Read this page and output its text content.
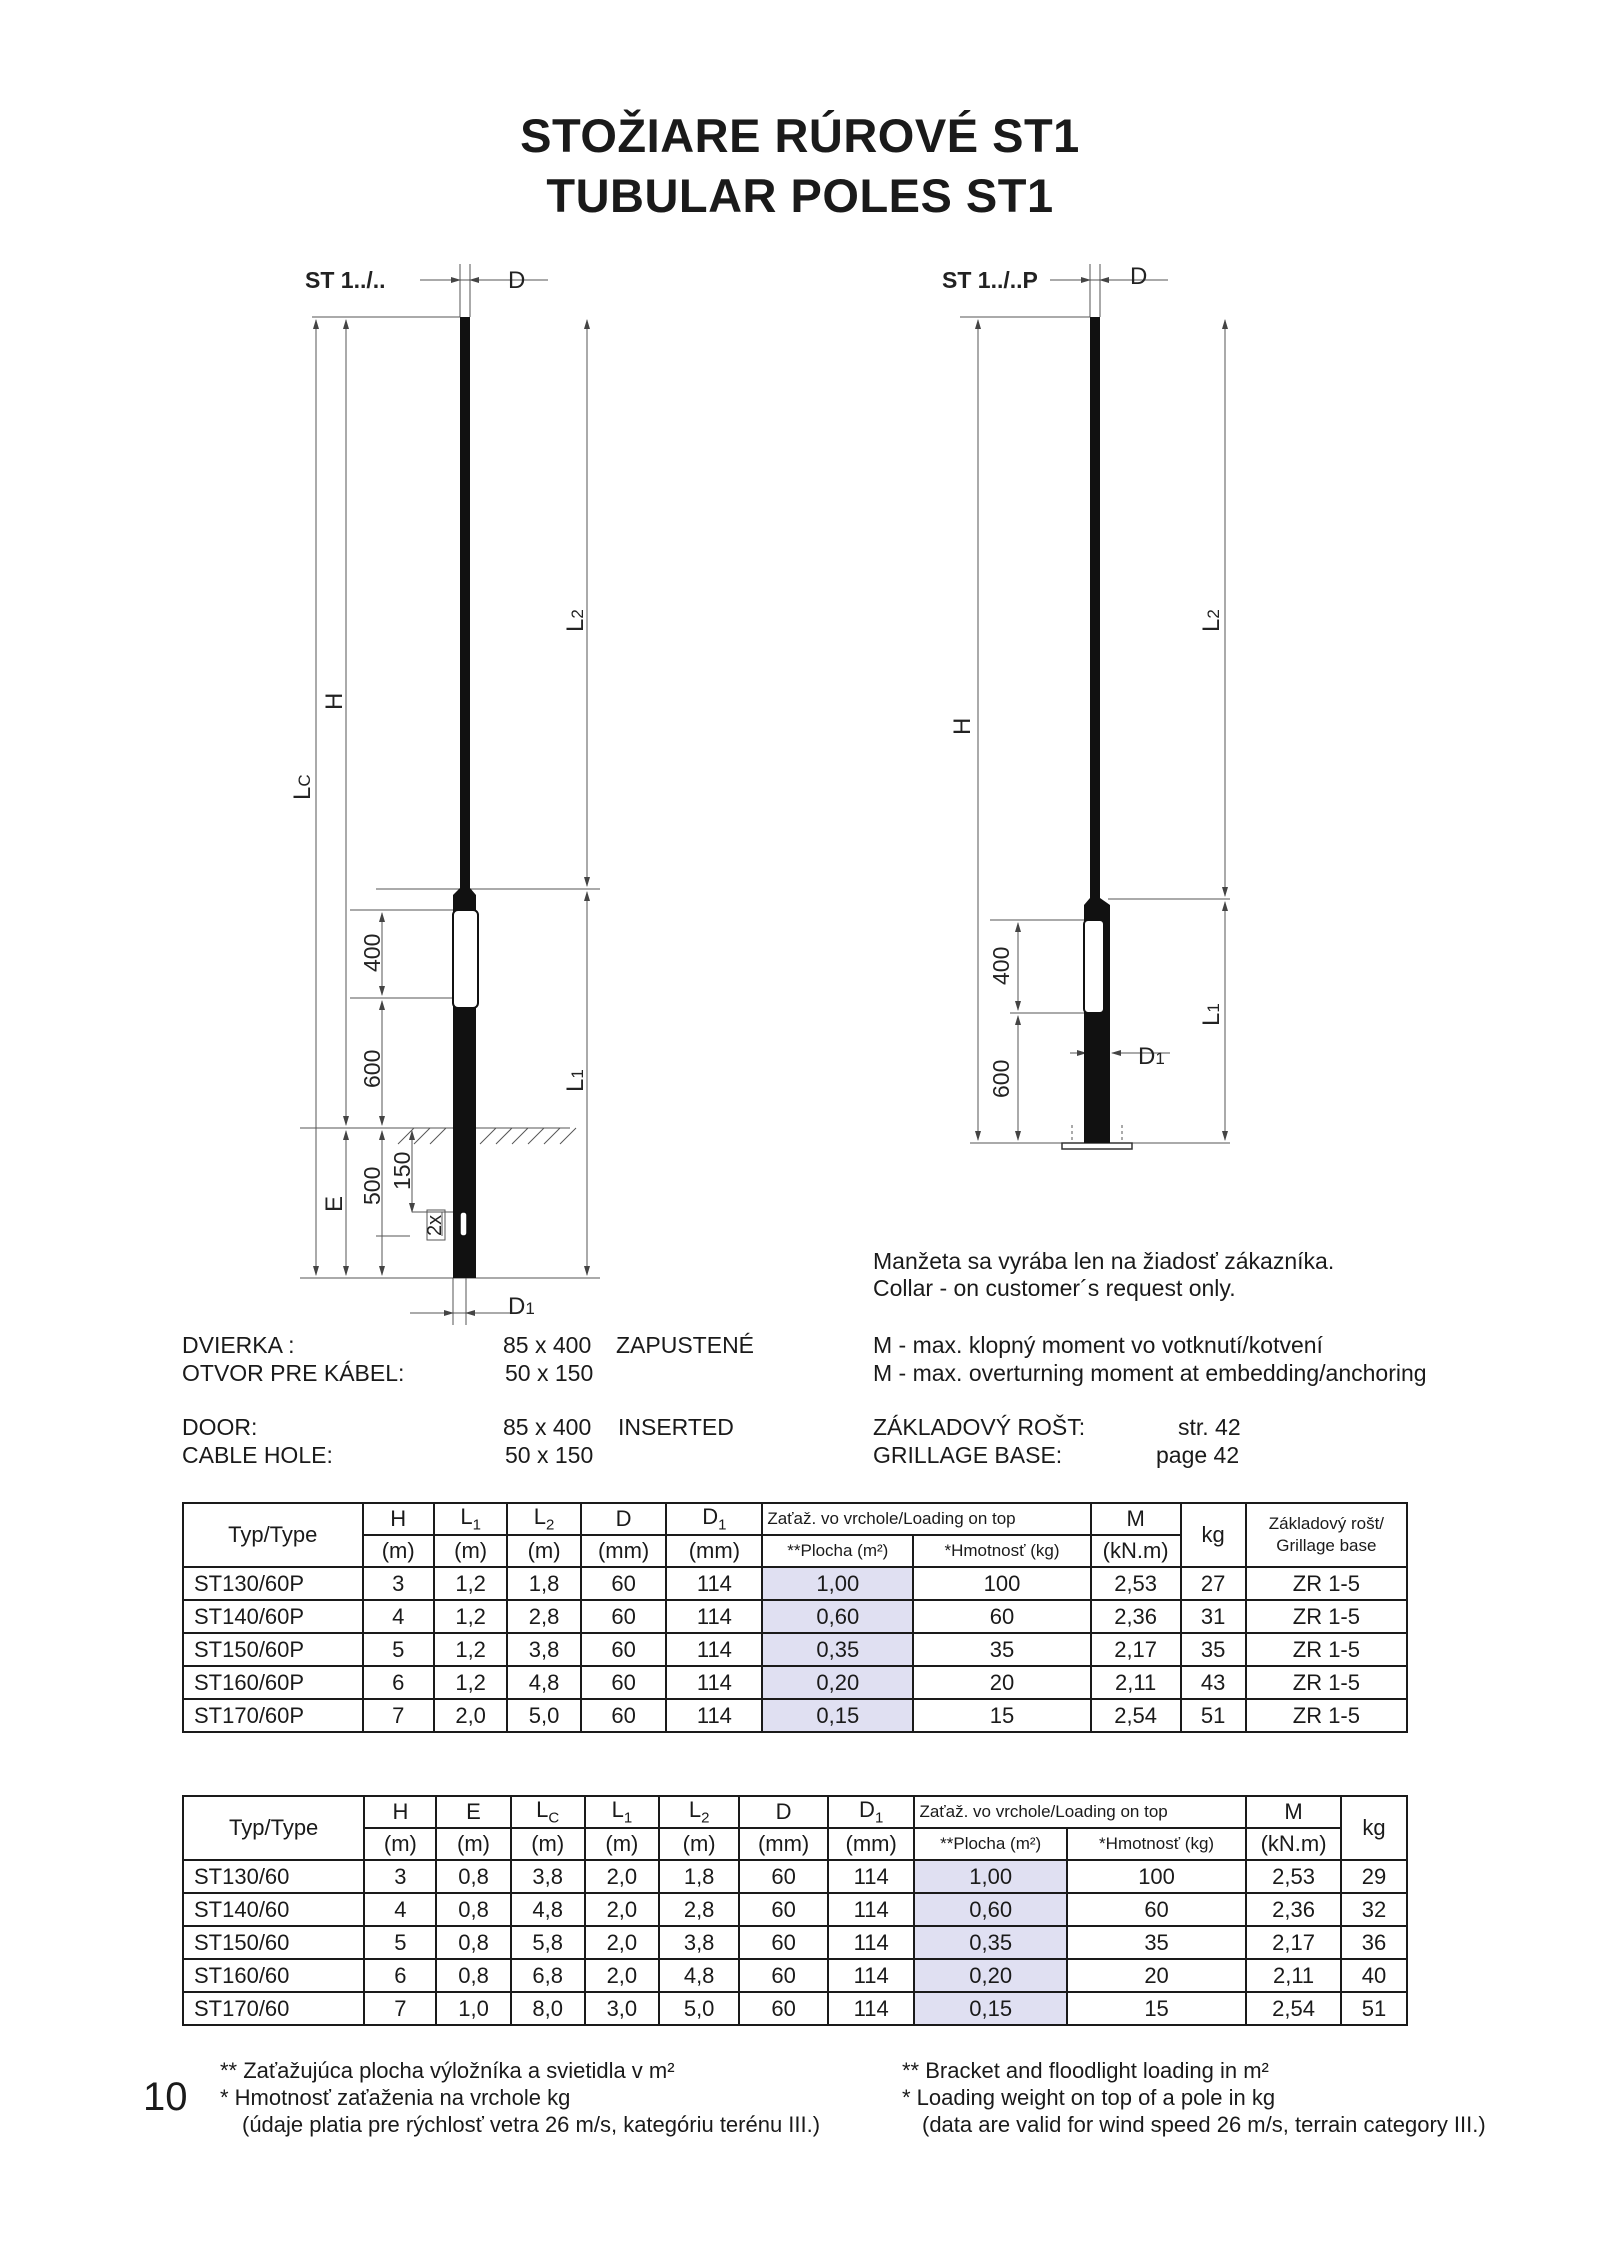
STOŽIARE RÚROVÉ ST1
TUBULAR POLES ST1
ST 1../..	D
D1
LC
H
E
400
600
500 150
2x
L2
L1
ST 1../..P	D
D1
H
400
600
L2
L1
Manžeta sa vyrába len na žiadosť zákazníka.
Collar - on customer´s request only.
DVIERKA :	85 x 400 ZAPUSTENÉ
OTVOR PRE KÁBEL:	50 x 150
M - max. klopný moment vo votknutí/kotvení
M - max. overturning moment at embedding/anchoring
DOOR:	85 x 400 INSERTED
CABLE HOLE:	50 x 150
ZÁKLADOVÝ ROŠT:	str. 42
GRILLAGE BASE:	page 42
Typ/Type	H	$L_1$	$L_2$	D	$D_1$	Zaťaž. vo vrchole/Loading on top		M	kg	Základový rošt/
Grillage base
	(m)	(m)	(m)	(mm)	(mm)	**Plocha (m²)	*Hmotnosť (kg)	(kN.m)		
ST130/60P	3	1,2	1,8	60	114	1,00	100	2,53	27	ZR 1-5
ST140/60P	4	1,2	2,8	60	114	0,60	60	2,36	31	ZR 1-5
ST150/60P	5	1,2	3,8	60	114	0,35	35	2,17	35	ZR 1-5
ST160/60P	6	1,2	4,8	60	114	0,20	20	2,11	43	ZR 1-5
ST170/60P	7	2,0	5,0	60	114	0,15	15	2,54	51	ZR 1-5
Typ/Type	H	E	$L_C$	$L_1$	$L_2$	D	$D_1$	Zaťaž. vo vrchole/Loading on top		M	kg
	(m)	(m)	(m)	(m)	(m)	(mm)	(mm)	**Plocha (m²)	*Hmotnosť (kg)	(kN.m)	
ST130/60	3	0,8	3,8	2,0	1,8	60	114	1,00	100	2,53	29
ST140/60	4	0,8	4,8	2,0	2,8	60	114	0,60	60	2,36	32
ST150/60	5	0,8	5,8	2,0	3,8	60	114	0,35	35	2,17	36
ST160/60	6	0,8	6,8	2,0	4,8	60	114	0,20	20	2,11	40
ST170/60	7	1,0	8,0	3,0	5,0	60	114	0,15	15	2,54	51
** Zaťažujúca plocha výložníka a svietidla v m²
* Hmotnosť zaťaženia na vrchole kg
(údaje platia pre rýchlosť vetra 26 m/s, kategóriu terénu III.)
** Bracket and floodlight loading in m²
* Loading weight on top of a pole in kg
(data are valid for wind speed 26 m/s, terrain category III.)
10
